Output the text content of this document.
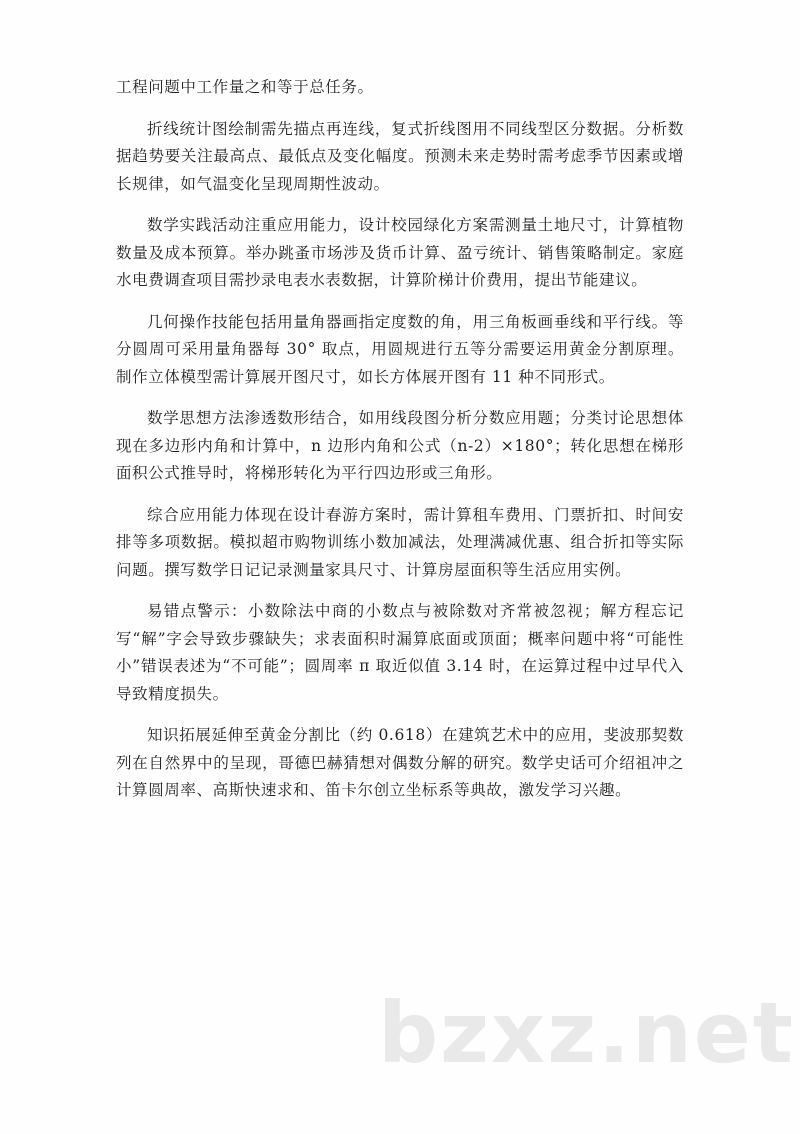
工程问题中工作量之和等于总任务。

折线统计图绘制需先描点再连线，复式折线图用不同线型区分数据。分析数据趋势要关注最高点、最低点及变化幅度。预测未来走势时需考虑季节因素或增长规律，如气温变化呈现周期性波动。

数学实践活动注重应用能力，设计校园绿化方案需测量土地尺寸，计算植物数量及成本预算。举办跳蚤市场涉及货币计算、盈亏统计、销售策略制定。家庭水电费调查项目需抄录电表水表数据，计算阶梯计价费用，提出节能建议。

几何操作技能包括用量角器画指定度数的角，用三角板画垂线和平行线。等分圆周可采用量角器每 30° 取点，用圆规进行五等分需要运用黄金分割原理。制作立体模型需计算展开图尺寸，如长方体展开图有 11 种不同形式。

数学思想方法渗透数形结合，如用线段图分析分数应用题；分类讨论思想体现在多边形内角和计算中，n 边形内角和公式（n-2）×180°；转化思想在梯形面积公式推导时，将梯形转化为平行四边形或三角形。

综合应用能力体现在设计春游方案时，需计算租车费用、门票折扣、时间安排等多项数据。模拟超市购物训练小数加减法，处理满减优惠、组合折扣等实际问题。撰写数学日记记录测量家具尺寸、计算房屋面积等生活应用实例。

易错点警示：小数除法中商的小数点与被除数对齐常被忽视；解方程忘记写“解”字会导致步骤缺失；求表面积时漏算底面或顶面；概率问题中将“可能性小”错误表述为“不可能”；圆周率 π 取近似值 3.14 时，在运算过程中过早代入导致精度损失。

知识拓展延伸至黄金分割比（约 0.618）在建筑艺术中的应用，斐波那契数列在自然界中的呈现，哥德巴赫猜想对偶数分解的研究。数学史话可介绍祖冲之计算圆周率、高斯快速求和、笛卡尔创立坐标系等典故，激发学习兴趣。

bzxz.net
